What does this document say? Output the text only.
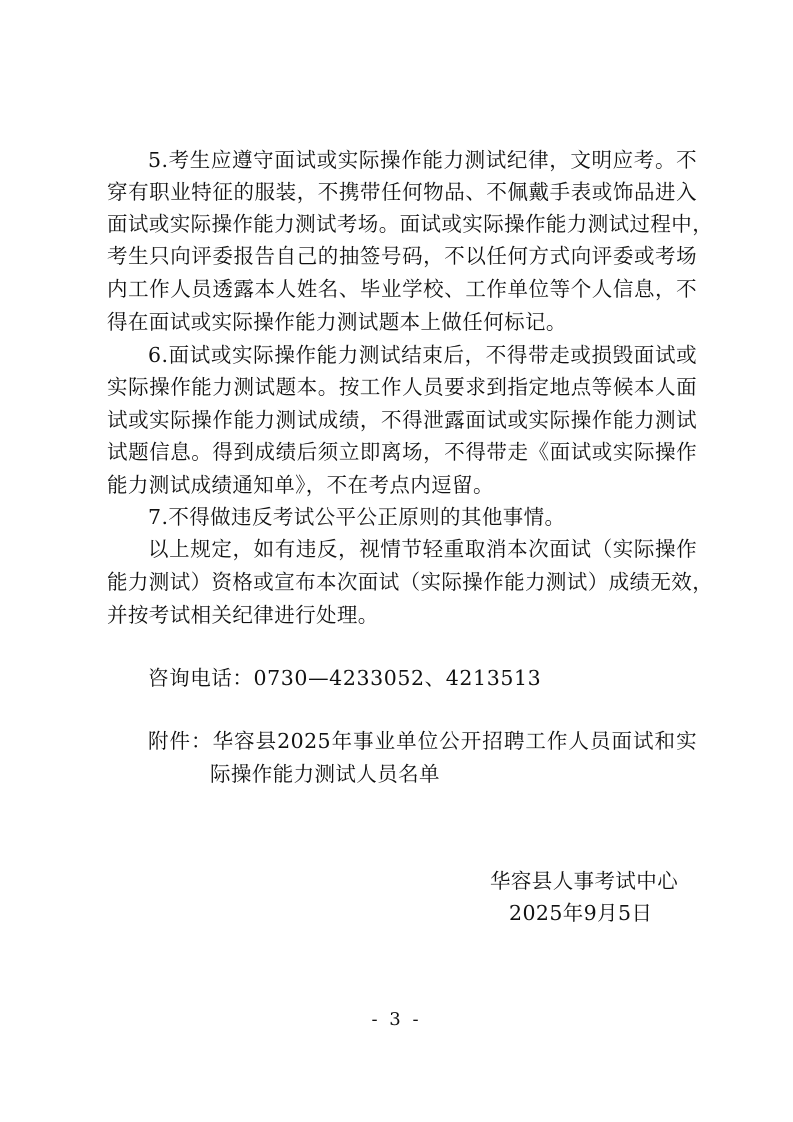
5.考生应遵守面试或实际操作能力测试纪律，文明应考。不
穿有职业特征的服装，不携带任何物品、不佩戴手表或饰品进入
面试或实际操作能力测试考场。面试或实际操作能力测试过程中，
考生只向评委报告自己的抽签号码，不以任何方式向评委或考场
内工作人员透露本人姓名、毕业学校、工作单位等个人信息，不
得在面试或实际操作能力测试题本上做任何标记。
6.面试或实际操作能力测试结束后，不得带走或损毁面试或
实际操作能力测试题本。按工作人员要求到指定地点等候本人面
试或实际操作能力测试成绩，不得泄露面试或实际操作能力测试
试题信息。得到成绩后须立即离场，不得带走《面试或实际操作
能力测试成绩通知单》，不在考点内逗留。
7.不得做违反考试公平公正原则的其他事情。
以上规定，如有违反，视情节轻重取消本次面试（实际操作
能力测试）资格或宣布本次面试（实际操作能力测试）成绩无效，
并按考试相关纪律进行处理。
咨询电话：0730—4233052、4213513
附件：华容县2025年事业单位公开招聘工作人员面试和实
际操作能力测试人员名单
华容县人事考试中心
2025年9月5日
- 3 -
